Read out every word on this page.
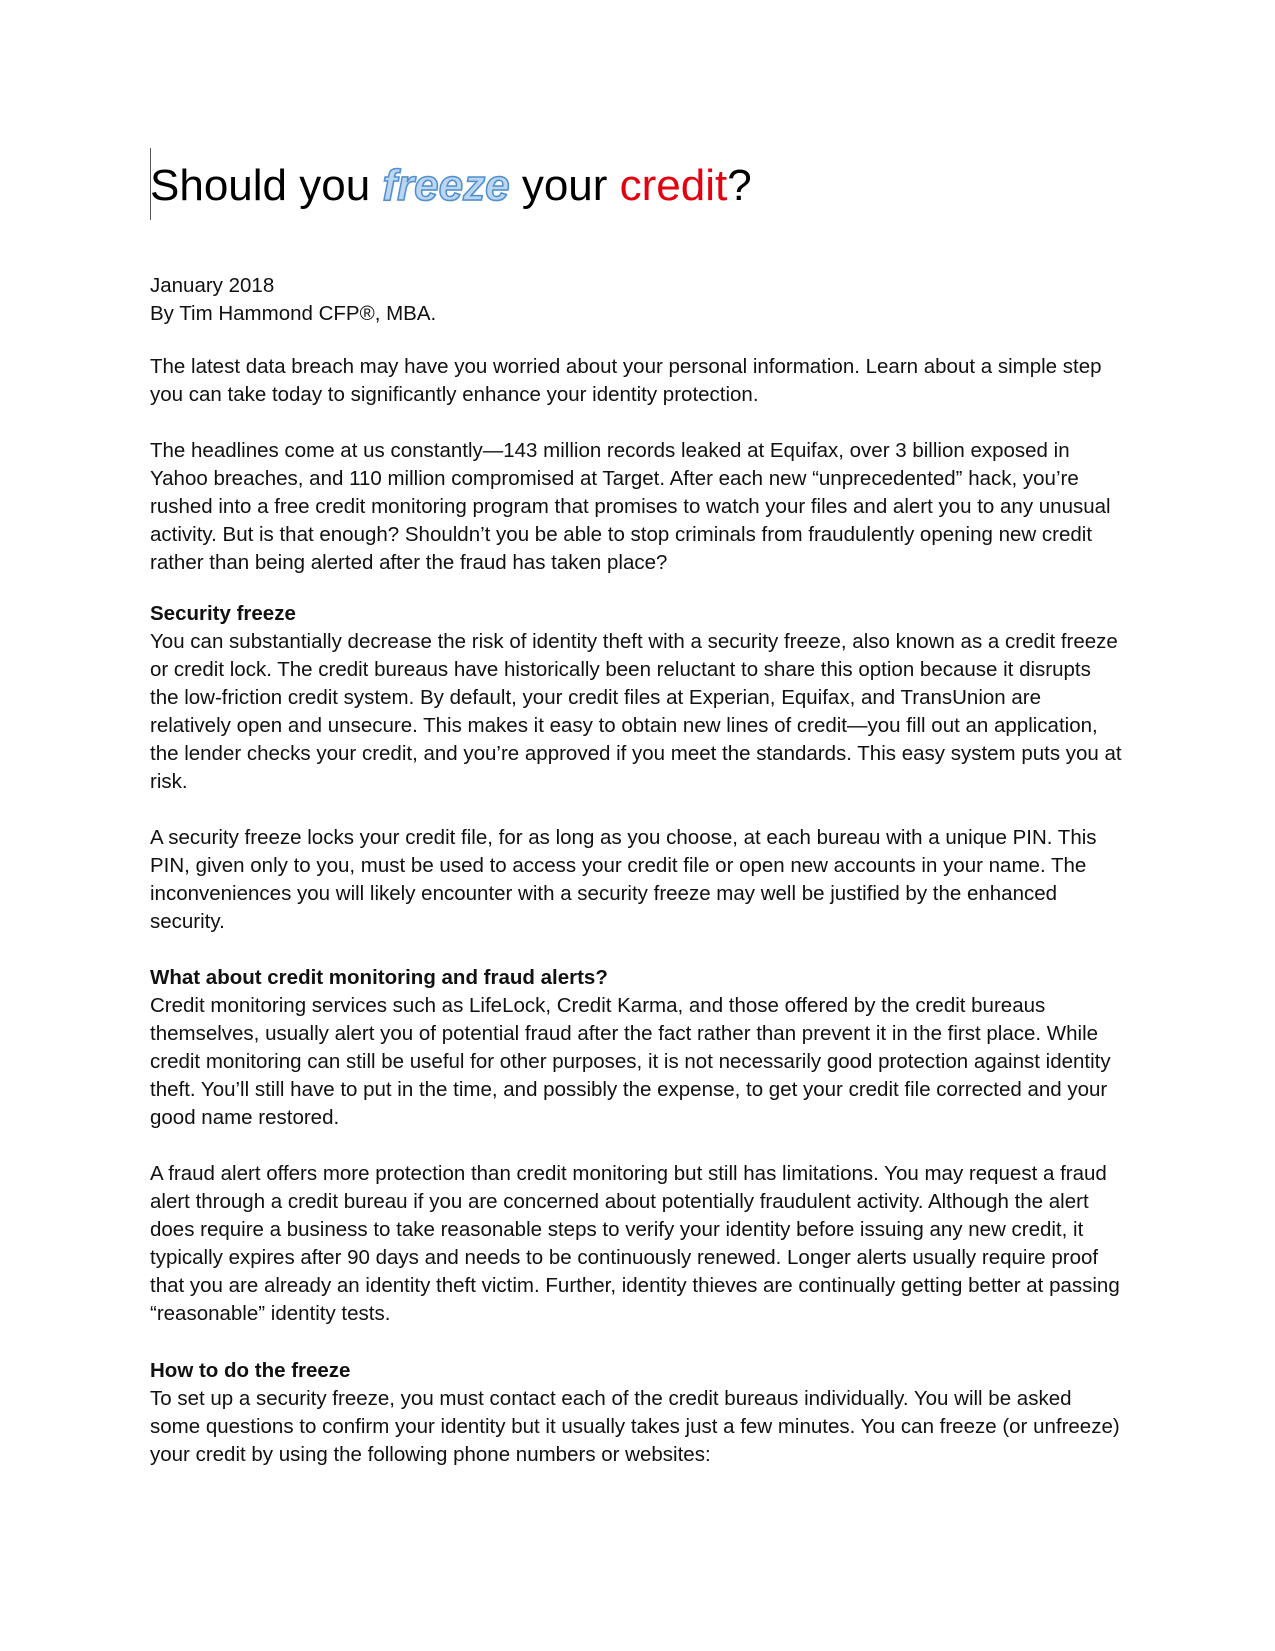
Should you freeze your credit?

January 2018

By Tim Hammond CFP®, MBA.

The latest data breach may have you worried about your personal information. Learn about a simple step you can take today to significantly enhance your identity protection.

The headlines come at us constantly—143 million records leaked at Equifax, over 3 billion exposed in Yahoo breaches, and 110 million compromised at Target. After each new “unprecedented” hack, you’re rushed into a free credit monitoring program that promises to watch your files and alert you to any unusual activity. But is that enough? Shouldn’t you be able to stop criminals from fraudulently opening new credit rather than being alerted after the fraud has taken place?

Security freeze

You can substantially decrease the risk of identity theft with a security freeze, also known as a credit freeze or credit lock. The credit bureaus have historically been reluctant to share this option because it disrupts the low-friction credit system. By default, your credit files at Experian, Equifax, and TransUnion are relatively open and unsecure. This makes it easy to obtain new lines of credit—you fill out an application, the lender checks your credit, and you’re approved if you meet the standards. This easy system puts you at risk.

A security freeze locks your credit file, for as long as you choose, at each bureau with a unique PIN. This PIN, given only to you, must be used to access your credit file or open new accounts in your name. The inconveniences you will likely encounter with a security freeze may well be justified by the enhanced security.

What about credit monitoring and fraud alerts?

Credit monitoring services such as LifeLock, Credit Karma, and those offered by the credit bureaus themselves, usually alert you of potential fraud after the fact rather than prevent it in the first place. While credit monitoring can still be useful for other purposes, it is not necessarily good protection against identity theft. You’ll still have to put in the time, and possibly the expense, to get your credit file corrected and your good name restored.

A fraud alert offers more protection than credit monitoring but still has limitations. You may request a fraud alert through a credit bureau if you are concerned about potentially fraudulent activity. Although the alert does require a business to take reasonable steps to verify your identity before issuing any new credit, it typically expires after 90 days and needs to be continuously renewed. Longer alerts usually require proof that you are already an identity theft victim. Further, identity thieves are continually getting better at passing “reasonable” identity tests.

How to do the freeze

To set up a security freeze, you must contact each of the credit bureaus individually. You will be asked some questions to confirm your identity but it usually takes just a few minutes. You can freeze (or unfreeze) your credit by using the following phone numbers or websites:
